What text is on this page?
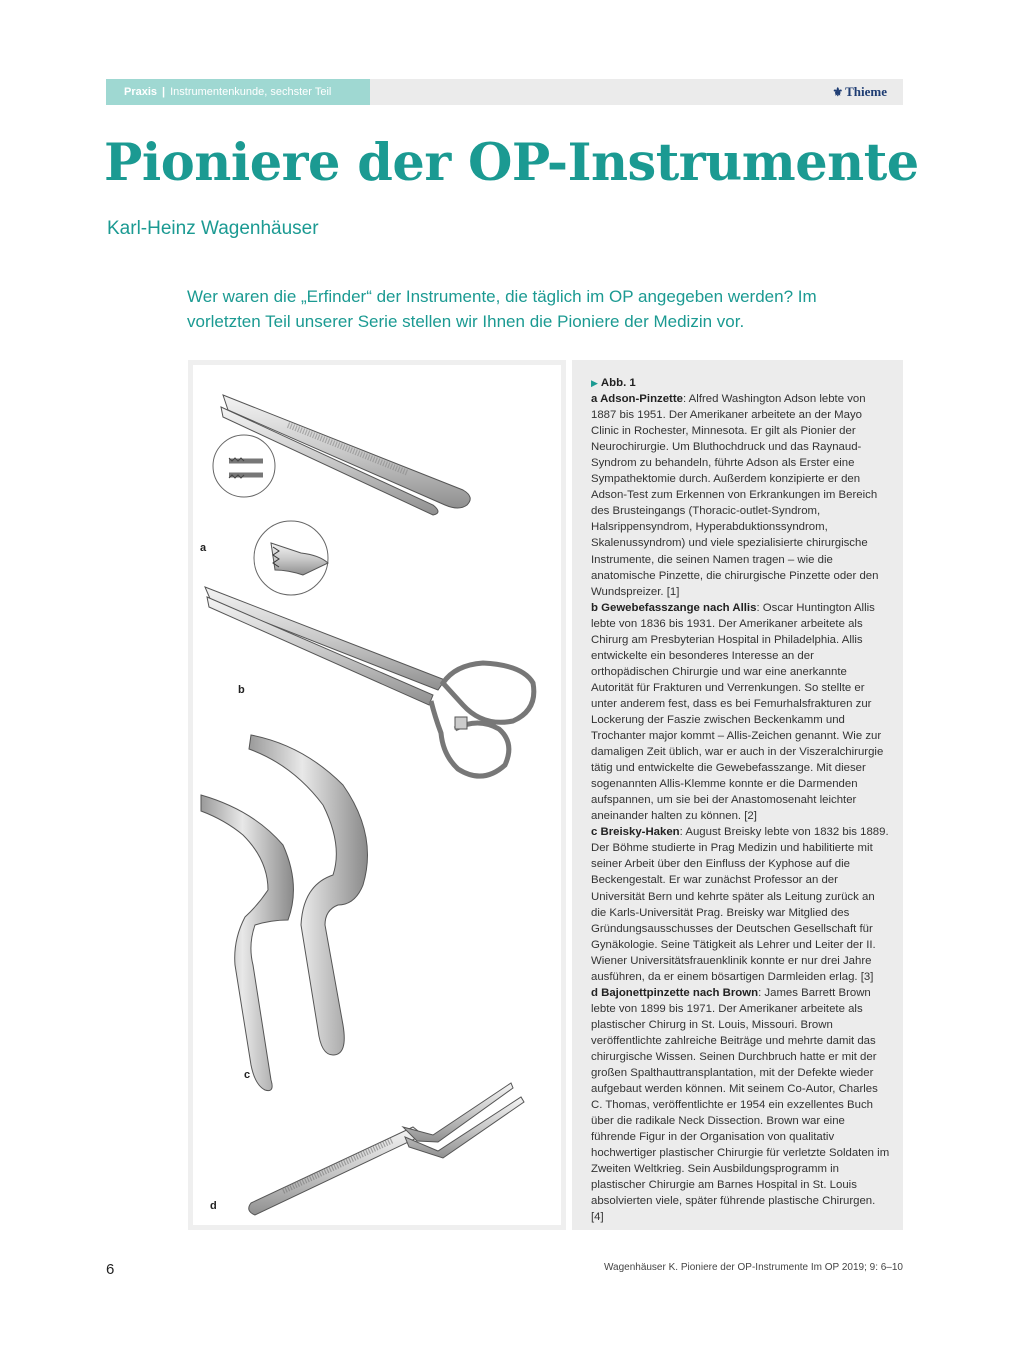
Praxis | Instrumentenkunde, sechster Teil	⚜ Thieme
Pioniere der OP-Instrumente
Karl-Heinz Wagenhäuser

Wer waren die „Erfinder“ der Instrumente, die täglich im OP angegeben werden? Im vorletzten Teil unserer Serie stellen wir Ihnen die Pioniere der Medizin vor.

a
b
c
d

▶ Abb. 1

a Adson-Pinzette: Alfred Washington Adson lebte von 1887 bis 1951. Der Amerikaner arbeitete an der Mayo Clinic in Rochester, Minnesota. Er gilt als Pionier der Neurochirurgie. Um Bluthochdruck und das Raynaud-Syndrom zu behandeln, führte Adson als Erster eine Sympathektomie durch. Außerdem konzipierte er den Adson-Test zum Erkennen von Erkrankungen im Bereich des Brusteingangs (Thoracic-outlet-Syndrom, Halsrippensyndrom, Hyperabduktionssyndrom, Skalenussyndrom) und viele spezialisierte chirurgische Instrumente, die seinen Namen tragen – wie die anatomische Pinzette, die chirurgische Pinzette oder den Wundspreizer. [1]

b Gewebefasszange nach Allis: Oscar Huntington Allis lebte von 1836 bis 1931. Der Amerikaner arbeitete als Chirurg am Presbyterian Hospital in Philadelphia. Allis entwickelte ein besonderes Interesse an der orthopädischen Chirurgie und war eine anerkannte Autorität für Frakturen und Verrenkungen. So stellte er unter anderem fest, dass es bei Femurhalsfrakturen zur Lockerung der Faszie zwischen Beckenkamm und Trochanter major kommt – Allis-Zeichen genannt. Wie zur damaligen Zeit üblich, war er auch in der Viszeralchirurgie tätig und entwickelte die Gewebefasszange. Mit dieser sogenannten Allis-Klemme konnte er die Darmenden aufspannen, um sie bei der Anastomosenaht leichter aneinander halten zu können. [2]

c Breisky-Haken: August Breisky lebte von 1832 bis 1889. Der Böhme studierte in Prag Medizin und habilitierte mit seiner Arbeit über den Einfluss der Kyphose auf die Beckengestalt. Er war zunächst Professor an der Universität Bern und kehrte später als Leitung zurück an die Karls-Universität Prag. Breisky war Mitglied des Gründungsausschusses der Deutschen Gesellschaft für Gynäkologie. Seine Tätigkeit als Lehrer und Leiter der II. Wiener Universitätsfrauenklinik konnte er nur drei Jahre ausführen, da er einem bösartigen Darmleiden erlag. [3]

d Bajonettpinzette nach Brown: James Barrett Brown lebte von 1899 bis 1971. Der Amerikaner arbeitete als plastischer Chirurg in St. Louis, Missouri. Brown veröffentlichte zahlreiche Beiträge und mehrte damit das chirurgische Wissen. Seinen Durchbruch hatte er mit der großen Spalthauttransplantation, mit der Defekte wieder aufgebaut werden können. Mit seinem Co-Autor, Charles C. Thomas, veröffentlichte er 1954 ein exzellentes Buch über die radikale Neck Dissection. Brown war eine führende Figur in der Organisation von qualitativ hochwertiger plastischer Chirurgie für verletzte Soldaten im Zweiten Weltkrieg. Sein Ausbildungsprogramm in plastischer Chirurgie am Barnes Hospital in St. Louis absolvierten viele, später führende plastische Chirurgen. [4]

6	Wagenhäuser K. Pioniere der OP-Instrumente Im OP 2019; 9: 6–10
